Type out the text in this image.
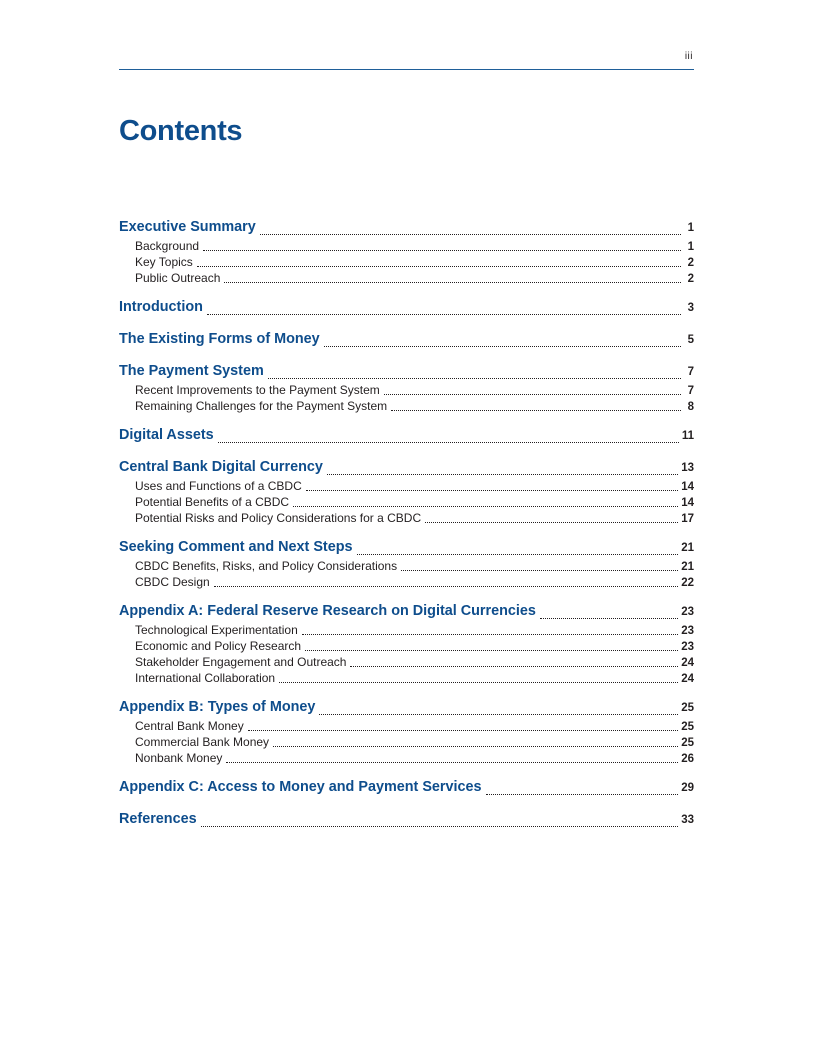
iii
Contents
Executive Summary	1
Background	1
Key Topics	2
Public Outreach	2
Introduction	3
The Existing Forms of Money	5
The Payment System	7
Recent Improvements to the Payment System	7
Remaining Challenges for the Payment System	8
Digital Assets	11
Central Bank Digital Currency	13
Uses and Functions of a CBDC	14
Potential Benefits of a CBDC	14
Potential Risks and Policy Considerations for a CBDC	17
Seeking Comment and Next Steps	21
CBDC Benefits, Risks, and Policy Considerations	21
CBDC Design	22
Appendix A: Federal Reserve Research on Digital Currencies	23
Technological Experimentation	23
Economic and Policy Research	23
Stakeholder Engagement and Outreach	24
International Collaboration	24
Appendix B: Types of Money	25
Central Bank Money	25
Commercial Bank Money	25
Nonbank Money	26
Appendix C: Access to Money and Payment Services	29
References	33
